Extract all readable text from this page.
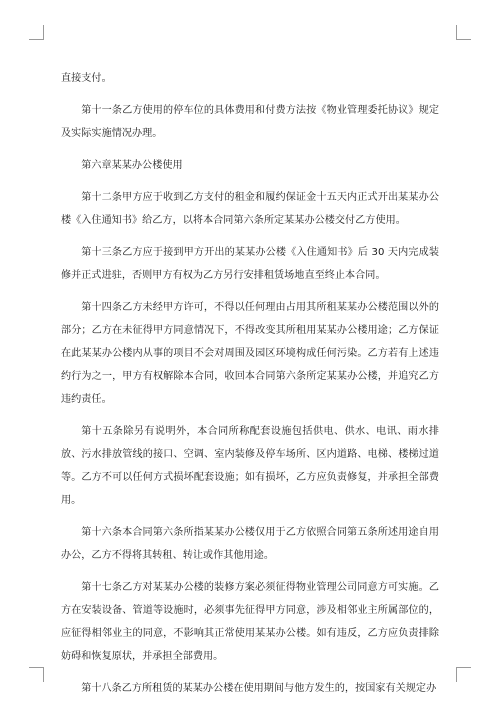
直接支付。

第十一条乙方使用的停车位的具体费用和付费方法按《物业管理委托协议》规定及实际实施情况办理。

第六章某某办公楼使用

第十二条甲方应于收到乙方支付的租金和履约保证金十五天内正式开出某某办公楼《入住通知书》给乙方，以将本合同第六条所定某某办公楼交付乙方使用。

第十三条乙方应于接到甲方开出的某某办公楼《入住通知书》后 30 天内完成装修并正式进驻，否则甲方有权为乙方另行安排租赁场地直至终止本合同。

第十四条乙方未经甲方许可，不得以任何理由占用其所租某某办公楼范围以外的部分；乙方在未征得甲方同意情况下，不得改变其所租用某某办公楼用途；乙方保证在此某某办公楼内从事的项目不会对周围及园区环境构成任何污染。乙方若有上述违约行为之一，甲方有权解除本合同，收回本合同第六条所定某某办公楼，并追究乙方违约责任。

第十五条除另有说明外，本合同所称配套设施包括供电、供水、电讯、雨水排放、污水排放管线的接口、空调、室内装修及停车场所、区内道路、电梯、楼梯过道等。乙方不可以任何方式损坏配套设施；如有损坏，乙方应负责修复，并承担全部费用。

第十六条本合同第六条所指某某办公楼仅用于乙方依照合同第五条所述用途自用办公，乙方不得将其转租、转让或作其他用途。

第十七条乙方对某某办公楼的装修方案必须征得物业管理公司同意方可实施。乙方在安装设备、管道等设施时，必须事先征得甲方同意，涉及相邻业主所属部位的，应征得相邻业主的同意，不影响其正常使用某某办公楼。如有违反，乙方应负责排除妨碍和恢复原状，并承担全部费用。

第十八条乙方所租赁的某某办公楼在使用期间与他方发生的，按国家有关规定办
